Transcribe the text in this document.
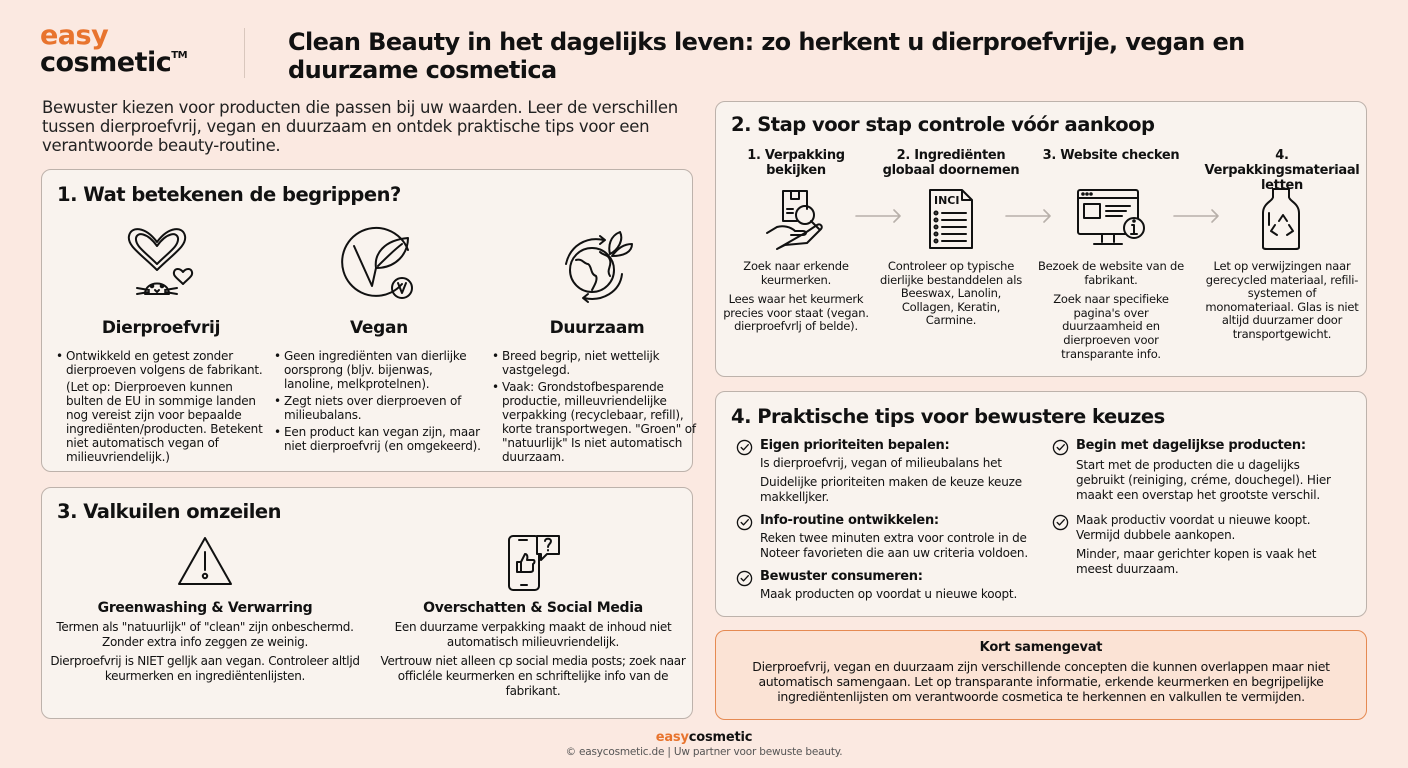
easy
cosmetic™	Clean Beauty in het dagelijks leven: zo herkent u dierproefvrije, vegan en duurzame cosmetica

Bewuster kiezen voor producten die passen bij uw waarden. Leer de verschillen tussen dierproefvrij, vegan en duurzaam en ontdek praktische tips voor een verantwoorde beauty-routine.

1. Wat betekenen de begrippen?
Dierproefvrij
• Ontwikkeld en getest zonder dierproeven volgens de fabrikant.
(Let op: Dierproeven kunnen bulten de EU in sommige landen nog vereist zijn voor bepaalde ingrediënten/producten. Betekent niet automatisch vegan of milieuvriendelijk.)
Vegan
• Geen ingrediënten van dierlijke oorsprong (bljv. bijenwas, lanoline, melkprotelnen).
• Zegt niets over dierproeven of milieubalans.
• Een product kan vegan zijn, maar niet dierproefvrij (en omgekeerd).
Duurzaam
• Breed begrip, niet wettelijk vastgelegd.
• Vaak: Grondstofbesparende productie, milleuvriendelijke verpakking (recyclebaar, refill), korte transportwegen. "Groen" of "natuurlijk" Is niet automatisch duurzaam.
3. Valkuilen omzeilen
Greenwashing & Verwarring

Termen als "natuurlijk" of "clean" zijn onbeschermd. Zonder extra info zeggen ze weinig.

Dierproefvrij is NIET gelljk aan vegan. Controleer altljd keurmerken en ingrediëntenlijsten.

Overschatten & Social Media

Een duurzame verpakking maakt de inhoud niet automatisch milieuvriendelijk.

Vertrouw niet alleen cp social media posts; zoek naar officléle keurmerken en schriftelijke info van de fabrikant.

2. Stap voor stap controle vóór aankoop
1. Verpakking bekijken

Zoek naar erkende keurmerken.

Lees waar het keurmerk precies voor staat (vegan. dierproefvrlj of belde).

2. Ingrediënten globaal doornemen
INCI

Controleer op typische dierlijke bestanddelen als Beeswax, Lanolin, Collagen, Keratin, Carmine.

3. Website checken

Bezoek de website van de fabrikant.

Zoek naar specifieke pagina's over duurzaamheid en dierproeven voor transparante info.

4. Verpakkingsmateriaal letten

Let op verwijzingen naar gerecycled materiaal, refili-systemen of monomateriaal. Glas is niet altijd duurzamer door transportgewicht.

4. Praktische tips voor bewustere keuzes
Eigen prioriteiten bepalen:

Is dierproefvrij, vegan of milieubalans het

Duidelijke prioriteiten maken de keuze keuze makkelljker.

Info-routine ontwikkelen:

Reken twee minuten extra voor controle in de Noteer favorieten die aan uw criteria voldoen.

Bewuster consumeren:

Maak producten op voordat u nieuwe koopt.

Begin met dagelijkse producten:

Start met de producten die u dagelijks gebruikt (reiniging, créme, douchegel). Hier maakt een overstap het grootste verschil.

Maak productiv voordat u nieuwe koopt. Vermijd dubbele aankopen.

Minder, maar gerichter kopen is vaak het meest duurzaam.

Kort samengevat

Dierproefvrij, vegan en duurzaam zijn verschillende concepten die kunnen overlappen maar niet automatisch samengaan. Let op transparante informatie, erkende keurmerken en begrijpelijke ingrediëntenlijsten om verantwoorde cosmetica te herkennen en valkullen te vermijden.

easycosmetic
© easycosmetic.de | Uw partner voor bewuste beauty.
